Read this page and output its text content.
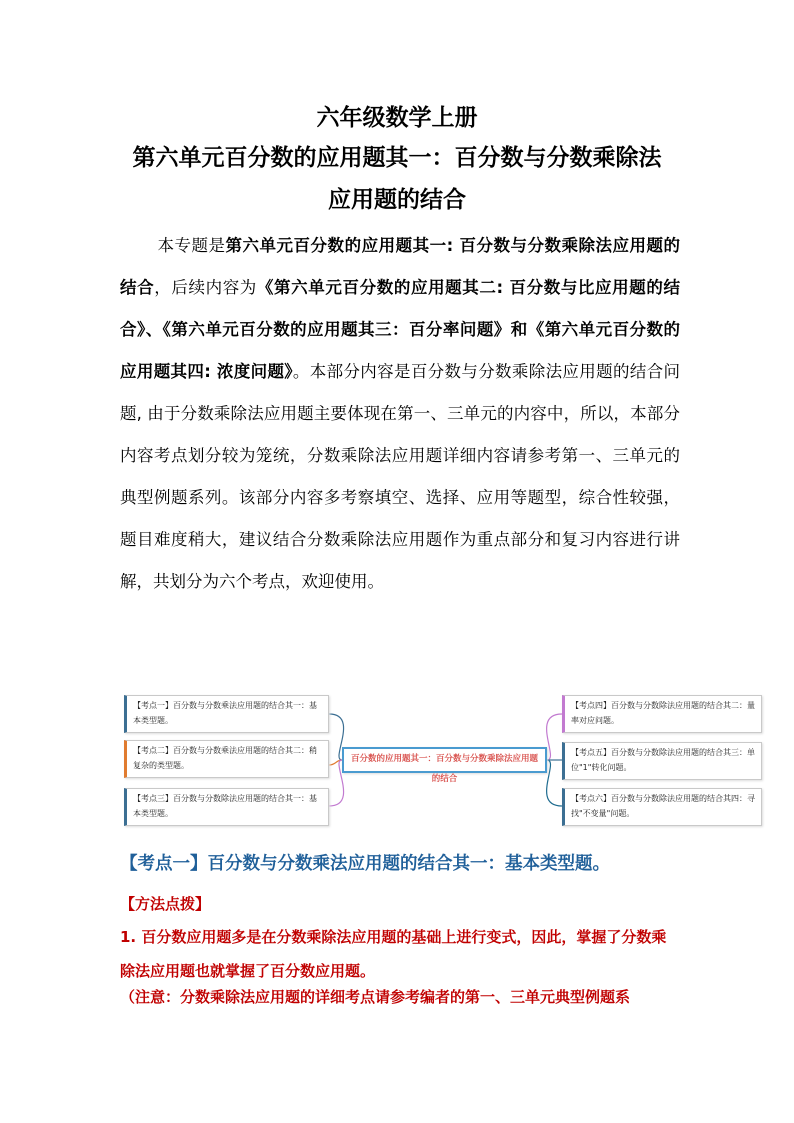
六年级数学上册
第六单元百分数的应用题其一：百分数与分数乘除法
应用题的结合
本专题是第六单元百分数的应用题其一: 百分数与分数乘除法应用题的结合，后续内容为《第六单元百分数的应用题其二: 百分数与比应用题的结合》、《第六单元百分数的应用题其三：百分率问题》和《第六单元百分数的应用题其四: 浓度问题》。本部分内容是百分数与分数乘除法应用题的结合问题, 由于分数乘除法应用题主要体现在第一、三单元的内容中，所以，本部分内容考点划分较为笼统，分数乘除法应用题详细内容请参考第一、三单元的典型例题系列。该部分内容多考察填空、选择、应用等题型，综合性较强，题目难度稍大，建议结合分数乘除法应用题作为重点部分和复习内容进行讲解，共划分为六个考点，欢迎使用。
百分数的应用题其一：百分数与分数乘除法应用题的结合
【考点一】百分数与分数乘法应用题的结合其一：基本类型题。
【考点二】百分数与分数乘法应用题的结合其二：稍复杂的类型题。
【考点三】百分数与分数除法应用题的结合其一：基本类型题。
【考点四】百分数与分数除法应用题的结合其二：量率对应问题。
【考点五】百分数与分数除法应用题的结合其三：单位"1"转化问题。
【考点六】百分数与分数除法应用题的结合其四：寻找"不变量"问题。
【考点一】百分数与分数乘法应用题的结合其一：基本类型题。
【方法点拨】
1. 百分数应用题多是在分数乘除法应用题的基础上进行变式，因此，掌握了分数乘除法应用题也就掌握了百分数应用题。
（注意：分数乘除法应用题的详细考点请参考编者的第一、三单元典型例题系
